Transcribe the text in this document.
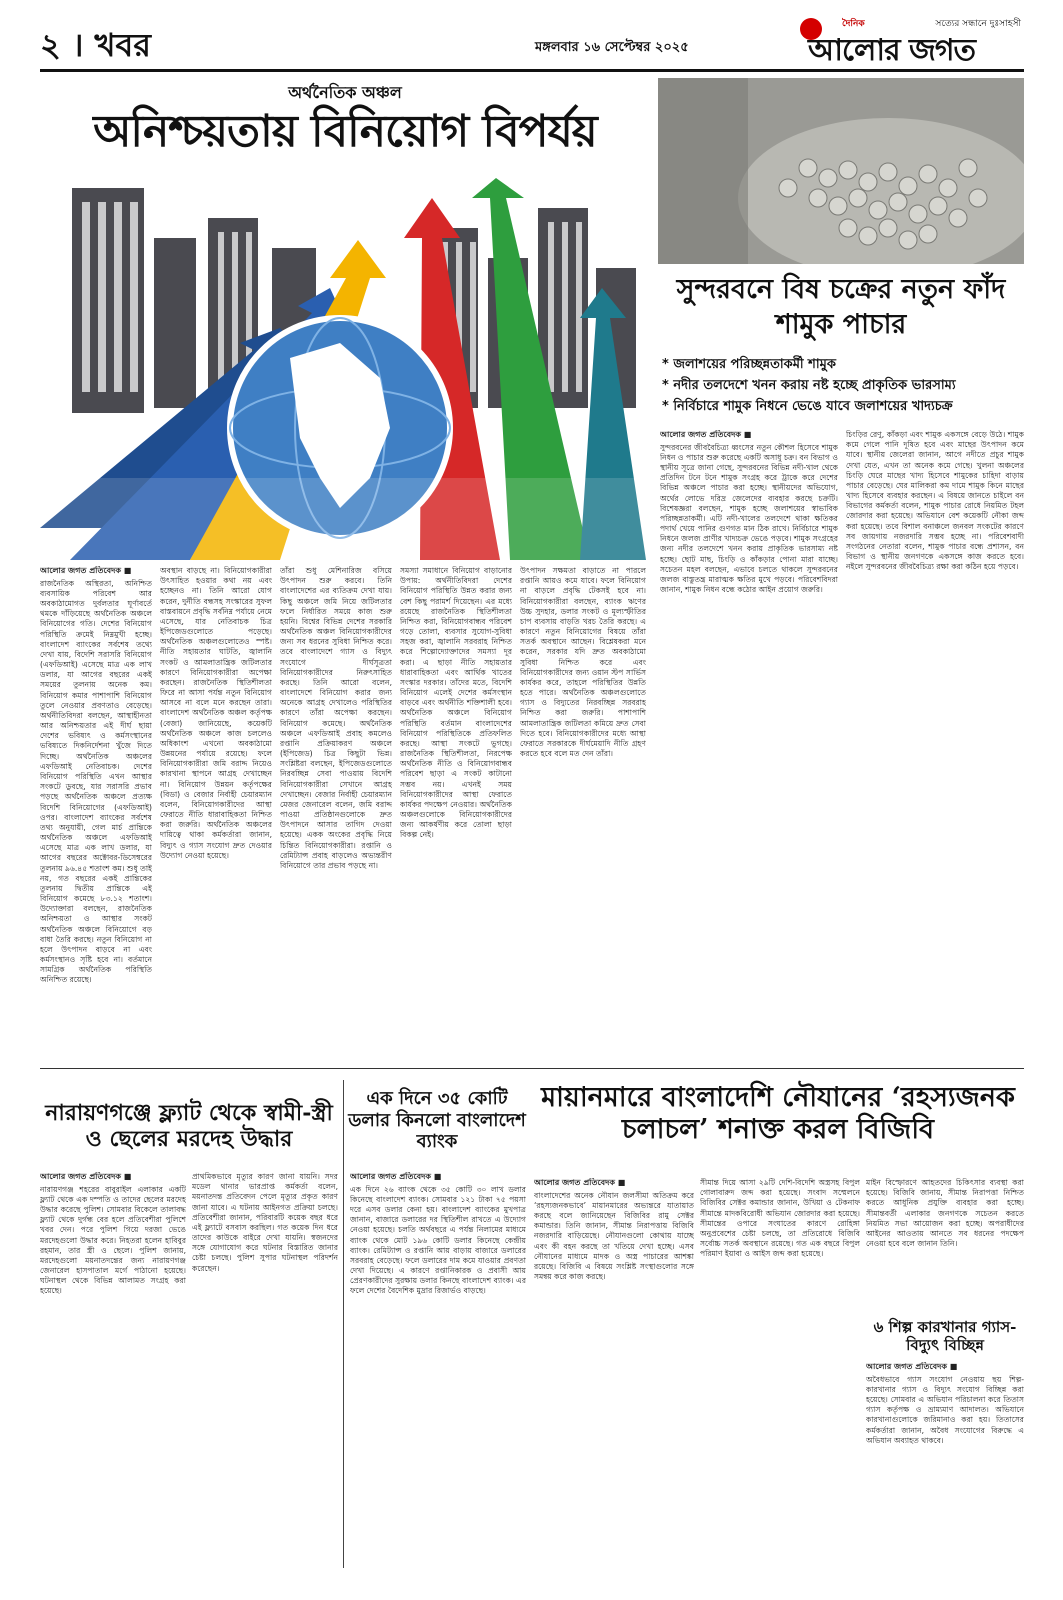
২ । খবর	মঙ্গলবার ১৬ সেপ্টেম্বর ২০২৫
দৈনিক	সত্যের সন্ধানে দুঃসাহসী
আলোর জগত
অর্থনৈতিক অঞ্চল
অনিশ্চয়তায় বিনিয়োগ বিপর্যয়
আলোর জগত প্রতিবেদক ■
রাজনৈতিক অস্থিরতা, অনিশ্চিত ব্যবসায়িক পরিবেশ আর অবকাঠামোগত দুর্বলতার ঘূর্ণাবর্তে থমকে দাঁড়িয়েছে অর্থনৈতিক অঞ্চলে বিনিয়োগের গতি। দেশের বিনিয়োগ পরিস্থিতি ক্রমেই নিম্নমুখী হচ্ছে। বাংলাদেশ ব্যাংকের সর্বশেষ তথ্যে দেখা যায়, বিদেশি সরাসরি বিনিয়োগ (এফডিআই) এসেছে মাত্র এক লাখ ডলার, যা আগের বছরের একই সময়ের তুলনায় অনেক কম। বিনিয়োগ কমার পাশাপাশি বিনিয়োগ তুলে নেওয়ার প্রবণতাও বেড়েছে। অর্থনীতিবিদরা বলছেন, আস্থাহীনতা আর অনিশ্চয়তার এই দীর্ঘ ছায়া দেশের ভবিষ্যৎ ও কর্মসংস্থানের ভবিষ্যতে দিকনির্দেশনা খুঁজে দিতে দিচ্ছে। অর্থনৈতিক অঞ্চলের এফডিআই নেতিবাচক। দেশের বিনিয়োগ পরিস্থিতি এখন আস্থার সংকটে ডুবছে, যার সরাসরি প্রভাব পড়ছে অর্থনৈতিক অঞ্চলে প্রত্যক্ষ বিদেশি বিনিয়োগের (এফডিআই) ওপর। বাংলাদেশ ব্যাংকের সর্বশেষ তথ্য অনুযায়ী, গেল মার্চ প্রান্তিকে অর্থনৈতিক অঞ্চলে এফডিআই এসেছে মাত্র এক লাখ ডলার, যা আগের বছরের অক্টোবর-ডিসেম্বরের তুলনায় ৯৬.৪৫ শতাংশ কম। শুধু তাই নয়, গত বছরের একই প্রান্তিকের তুলনায় দ্বিতীয় প্রান্তিকে এই বিনিয়োগ কমেছে ৮৩.১২ শতাংশ। উদ্যোক্তারা বলছেন, রাজনৈতিক অনিশ্চয়তা ও আস্থার সংকট অর্থনৈতিক অঞ্চলে বিনিয়োগে বড় বাধা তৈরি করছে। নতুন বিনিয়োগ না হলে উৎপাদন বাড়বে না এবং কর্মসংস্থানও সৃষ্টি হবে না। বর্তমানে সামগ্রিক অর্থনৈতিক পরিস্থিতি অনিশ্চিত রয়েছে।
অবস্থান বাড়ছে না। বিনিয়োগকারীরা উৎসাহিত হওয়ার কথা নয় এবং হচ্ছেনও না। তিনি আরো যোগ করেন, দুর্নীতি বন্ধসহ সংস্কারের সুফল বাস্তবায়নে প্রবৃদ্ধি সর্বনিম্ন পর্যায়ে নেমে এসেছে, যার নেতিবাচক চিত্র ইপিজেডগুলোতে পড়েছে। অর্থনৈতিক অঞ্চলগুলোতেও স্পষ্ট। নীতি সহায়তার ঘাটতি, জ্বালানি সংকট ও আমলাতান্ত্রিক জটিলতার কারণে বিনিয়োগকারীরা অপেক্ষা করছেন। রাজনৈতিক স্থিতিশীলতা ফিরে না আসা পর্যন্ত নতুন বিনিয়োগ আসবে না বলে মনে করছেন তারা। বাংলাদেশ অর্থনৈতিক অঞ্চল কর্তৃপক্ষ (বেজা) জানিয়েছে, কয়েকটি অর্থনৈতিক অঞ্চলে কাজ চললেও অধিকাংশ এখনো অবকাঠামো উন্নয়নের পর্যায়ে রয়েছে। ফলে বিনিয়োগকারীরা জমি বরাদ্দ নিয়েও কারখানা স্থাপনে আগ্রহ দেখাচ্ছেন না। বিনিয়োগ উন্নয়ন কর্তৃপক্ষের (বিডা) ও বেজার নির্বাহী চেয়ারম্যান বলেন, বিনিয়োগকারীদের আস্থা ফেরাতে নীতি ধারাবাহিকতা নিশ্চিত করা জরুরি। অর্থনৈতিক অঞ্চলের দায়িত্বে থাকা কর্মকর্তারা জানান, বিদ্যুৎ ও গ্যাস সংযোগ দ্রুত দেওয়ার উদ্যোগ নেওয়া হয়েছে।
তাঁরা শুধু মেশিনারিজ বসিয়ে উৎপাদন শুরু করবে। তিনি বাংলাদেশের এর ব্যতিক্রম দেখা যায়। কিছু অঞ্চলে জমি নিয়ে জটিলতার ফলে নির্ধারিত সময়ে কাজ শুরু হয়নি। বিশ্বের বিভিন্ন দেশের সরকারি অর্থনৈতিক অঞ্চল বিনিয়োগকারীদের জন্য সব ধরনের সুবিধা নিশ্চিত করে। তবে বাংলাদেশে গ্যাস ও বিদ্যুৎ সংযোগে দীর্ঘসূত্রতা বিনিয়োগকারীদের নিরুৎসাহিত করছে। তিনি আরো বলেন, বাংলাদেশে বিনিয়োগ করার জন্য অনেকে আগ্রহ দেখালেও পরিস্থিতির কারণে তাঁরা অপেক্ষা করছেন। বিনিয়োগ কমেছে। অর্থনৈতিক অঞ্চলে এফডিআই প্রবাহ কমলেও রপ্তানি প্রক্রিয়াকরণ অঞ্চলে (ইপিজেড) চিত্র কিছুটা ভিন্ন। সংশ্লিষ্টরা বলছেন, ইপিজেডগুলোতে নিরবচ্ছিন্ন সেবা পাওয়ায় বিদেশি বিনিয়োগকারীরা সেখানে আগ্রহ দেখাচ্ছেন। বেজার নির্বাহী চেয়ারম্যান মেজর জেনারেল বলেন, জমি বরাদ্দ পাওয়া প্রতিষ্ঠানগুলোকে দ্রুত উৎপাদনে আসার তাগিদ দেওয়া হয়েছে। একক অংকের প্রবৃদ্ধি নিয়ে চিন্তিত বিনিয়োগকারীরা। রপ্তানি ও রেমিট্যান্স প্রবাহ বাড়লেও অভ্যন্তরীণ বিনিয়োগে তার প্রভাব পড়ছে না।
সমস্যা সমাধানে বিনিয়োগ বাড়ানোর উপায়: অর্থনীতিবিদরা দেশের বিনিয়োগ পরিস্থিতি উন্নত করার জন্য বেশ কিছু পরামর্শ দিয়েছেন। এর মধ্যে রয়েছে রাজনৈতিক স্থিতিশীলতা নিশ্চিত করা, বিনিয়োগবান্ধব পরিবেশ গড়ে তোলা, ব্যবসার সুযোগ-সুবিধা সহজ করা, জ্বালানি সরবরাহ নিশ্চিত করে শিল্পোদ্যোক্তাদের সমস্যা দূর করা। এ ছাড়া নীতি সহায়তার ধারাবাহিকতা এবং আর্থিক খাতের সংস্কার দরকার। তাঁদের মতে, বিদেশি বিনিয়োগ এলেই দেশের কর্মসংস্থান বাড়বে এবং অর্থনীতি শক্তিশালী হবে। অর্থনৈতিক অঞ্চলে বিনিয়োগ পরিস্থিতি বর্তমান বাংলাদেশের বিনিয়োগ পরিস্থিতিকে প্রতিফলিত করছে। আস্থা সংকটে ভুগছে। রাজনৈতিক স্থিতিশীলতা, নিরপেক্ষ অর্থনৈতিক নীতি ও বিনিয়োগবান্ধব পরিবেশ ছাড়া এ সংকট কাটানো সম্ভব নয়। এখনই সময় বিনিয়োগকারীদের আস্থা ফেরাতে কার্যকর পদক্ষেপ নেওয়ার। অর্থনৈতিক অঞ্চলগুলোকে বিনিয়োগকারীদের জন্য আকর্ষণীয় করে তোলা ছাড়া বিকল্প নেই।
উৎপাদন সক্ষমতা বাড়াতে না পারলে রপ্তানি আয়ও কমে যাবে। ফলে বিনিয়োগ না বাড়লে প্রবৃদ্ধি টেকসই হবে না। বিনিয়োগকারীরা বলছেন, ব্যাংক ঋণের উচ্চ সুদহার, ডলার সংকট ও মূল্যস্ফীতির চাপ ব্যবসায় বাড়তি খরচ তৈরি করছে। এ কারণে নতুন বিনিয়োগের বিষয়ে তাঁরা সতর্ক অবস্থানে আছেন। বিশ্লেষকরা মনে করেন, সরকার যদি দ্রুত অবকাঠামো সুবিধা নিশ্চিত করে এবং বিনিয়োগকারীদের জন্য ওয়ান স্টপ সার্ভিস কার্যকর করে, তাহলে পরিস্থিতির উন্নতি হতে পারে। অর্থনৈতিক অঞ্চলগুলোতে গ্যাস ও বিদ্যুতের নিরবচ্ছিন্ন সরবরাহ নিশ্চিত করা জরুরি। পাশাপাশি আমলাতান্ত্রিক জটিলতা কমিয়ে দ্রুত সেবা দিতে হবে। বিনিয়োগকারীদের মধ্যে আস্থা ফেরাতে সরকারকে দীর্ঘমেয়াদি নীতি গ্রহণ করতে হবে বলে মত দেন তাঁরা।
সুন্দরবনে বিষ চক্রের নতুন ফাঁদ শামুক পাচার
* জলাশয়ের পরিচ্ছন্নতাকর্মী শামুক
* নদীর তলদেশে খনন করায় নষ্ট হচ্ছে প্রাকৃতিক ভারসাম্য
* নির্বিচারে শামুক নিধনে ভেঙে যাবে জলাশয়ের খাদ্যচক্র
আলোর জগত প্রতিবেদক ■
সুন্দরবনের জীববৈচিত্র্য ধ্বংসের নতুন কৌশল হিসেবে শামুক নিধন ও পাচার শুরু করেছে একটি অসাধু চক্র। বন বিভাগ ও স্থানীয় সূত্রে জানা গেছে, সুন্দরবনের বিভিন্ন নদী-খাল থেকে প্রতিদিন টনে টনে শামুক সংগ্রহ করে ট্রাকে করে দেশের বিভিন্ন অঞ্চলে পাচার করা হচ্ছে। স্থানীয়দের অভিযোগ, অর্থের লোভে দরিদ্র জেলেদের ব্যবহার করছে চক্রটি। বিশেষজ্ঞরা বলছেন, শামুক হচ্ছে জলাশয়ের স্বাভাবিক পরিচ্ছন্নতাকর্মী। এটি নদী-খালের তলদেশে থাকা ক্ষতিকর পদার্থ খেয়ে পানির গুণগত মান ঠিক রাখে। নির্বিচারে শামুক নিধনে জলজ প্রাণীর খাদ্যচক্র ভেঙে পড়বে। শামুক সংগ্রহের জন্য নদীর তলদেশে খনন করায় প্রাকৃতিক ভারসাম্য নষ্ট হচ্ছে। ছোট মাছ, চিংড়ি ও কাঁকড়ার পোনা মারা যাচ্ছে। সচেতন মহল বলছেন, এভাবে চলতে থাকলে সুন্দরবনের জলজ বাস্তুতন্ত্র মারাত্মক ক্ষতির মুখে পড়বে। পরিবেশবিদরা জানান, শামুক নিধন বন্ধে কঠোর আইন প্রয়োগ জরুরি।
চিংড়ির রেণু, কাঁকড়া এবং শামুক একসঙ্গে বেড়ে উঠে। শামুক কমে গেলে পানি দূষিত হবে এবং মাছের উৎপাদন কমে যাবে। স্থানীয় জেলেরা জানান, আগে নদীতে প্রচুর শামুক দেখা যেত, এখন তা অনেক কমে গেছে। খুলনা অঞ্চলের চিংড়ি ঘেরে মাছের খাদ্য হিসেবে শামুকের চাহিদা বাড়ায় পাচার বেড়েছে। ঘের মালিকরা কম দামে শামুক কিনে মাছের খাদ্য হিসেবে ব্যবহার করছেন। এ বিষয়ে জানতে চাইলে বন বিভাগের কর্মকর্তা বলেন, শামুক পাচার রোধে নিয়মিত টহল জোরদার করা হয়েছে। অভিযানে বেশ কয়েকটি নৌকা জব্দ করা হয়েছে। তবে বিশাল বনাঞ্চলে জনবল সংকটের কারণে সব জায়গায় নজরদারি সম্ভব হচ্ছে না। পরিবেশবাদী সংগঠনের নেতারা বলেন, শামুক পাচার বন্ধে প্রশাসন, বন বিভাগ ও স্থানীয় জনগণকে একসঙ্গে কাজ করতে হবে। নইলে সুন্দরবনের জীববৈচিত্র্য রক্ষা করা কঠিন হয়ে পড়বে।
নারায়ণগঞ্জে ফ্ল্যাট থেকে স্বামী-স্ত্রী ও ছেলের মরদেহ উদ্ধার
আলোর জগত প্রতিবেদক ■
নারায়ণগঞ্জ শহরের বাবুরাইল এলাকার একটি ফ্ল্যাট থেকে এক দম্পতি ও তাদের ছেলের মরদেহ উদ্ধার করেছে পুলিশ। সোমবার বিকেলে তালাবদ্ধ ফ্ল্যাট থেকে দুর্গন্ধ বের হলে প্রতিবেশীরা পুলিশে খবর দেন। পরে পুলিশ গিয়ে দরজা ভেঙে মরদেহগুলো উদ্ধার করে। নিহতরা হলেন হাবিবুর রহমান, তার স্ত্রী ও ছেলে। পুলিশ জানায়, মরদেহগুলো ময়নাতদন্তের জন্য নারায়ণগঞ্জ জেনারেল হাসপাতাল মর্গে পাঠানো হয়েছে। ঘটনাস্থল থেকে বিভিন্ন আলামত সংগ্রহ করা হয়েছে।
প্রাথমিকভাবে মৃত্যুর কারণ জানা যায়নি। সদর মডেল থানার ভারপ্রাপ্ত কর্মকর্তা বলেন, ময়নাতদন্ত প্রতিবেদন পেলে মৃত্যুর প্রকৃত কারণ জানা যাবে। এ ঘটনায় আইনগত প্রক্রিয়া চলছে। প্রতিবেশীরা জানান, পরিবারটি কয়েক বছর ধরে এই ফ্ল্যাটে বসবাস করছিল। গত কয়েক দিন ধরে তাদের কাউকে বাইরে দেখা যায়নি। স্বজনদের সঙ্গে যোগাযোগ করে ঘটনার বিস্তারিত জানার চেষ্টা চলছে। পুলিশ সুপার ঘটনাস্থল পরিদর্শন করেছেন।
এক দিনে ৩৫ কোটি ডলার কিনলো বাংলাদেশ ব্যাংক
আলোর জগত প্রতিবেদক ■
এক দিনে ২৬ ব্যাংক থেকে ৩৫ কোটি ৩০ লাখ ডলার কিনেছে বাংলাদেশ ব্যাংক। সোমবার ১২১ টাকা ৭৫ পয়সা দরে এসব ডলার কেনা হয়। বাংলাদেশ ব্যাংকের মুখপাত্র জানান, বাজারে ডলারের দর স্থিতিশীল রাখতে এ উদ্যোগ নেওয়া হয়েছে। চলতি অর্থবছরে এ পর্যন্ত নিলামের মাধ্যমে ব্যাংক থেকে মোট ১৯৬ কোটি ডলার কিনেছে কেন্দ্রীয় ব্যাংক। রেমিট্যান্স ও রপ্তানি আয় বাড়ায় বাজারে ডলারের সরবরাহ বেড়েছে। ফলে ডলারের দাম কমে যাওয়ার প্রবণতা দেখা দিয়েছে। এ কারণে রপ্তানিকারক ও প্রবাসী আয় প্রেরণকারীদের সুরক্ষায় ডলার কিনছে বাংলাদেশ ব্যাংক। এর ফলে দেশের বৈদেশিক মুদ্রার রিজার্ভও বাড়ছে।
মায়ানমারে বাংলাদেশি নৌযানের ‘রহস্যজনক চলাচল’ শনাক্ত করল বিজিবি
আলোর জগত প্রতিবেদক ■
বাংলাদেশের অনেক নৌযান জলসীমা অতিক্রম করে ‘রহস্যজনকভাবে’ মায়ানমারের অভ্যন্তরে যাতায়াত করছে বলে জানিয়েছেন বিজিবির রামু সেক্টর কমান্ডার। তিনি জানান, সীমান্ত নিরাপত্তায় বিজিবি নজরদারি বাড়িয়েছে। নৌযানগুলো কোথায় যাচ্ছে এবং কী বহন করছে তা খতিয়ে দেখা হচ্ছে। এসব নৌযানের মাধ্যমে মাদক ও অস্ত্র পাচারের আশঙ্কা রয়েছে। বিজিবি এ বিষয়ে সংশ্লিষ্ট সংস্থাগুলোর সঙ্গে সমন্বয় করে কাজ করছে।
সীমান্ত দিয়ে আসা ২৯টি দেশি-বিদেশি অস্ত্রসহ বিপুল গোলাবারুদ জব্দ করা হয়েছে। সংবাদ সম্মেলনে বিজিবির সেক্টর কমান্ডার জানান, উখিয়া ও টেকনাফ সীমান্তে মাদকবিরোধী অভিযান জোরদার করা হয়েছে। সীমান্তের ওপারে সংঘাতের কারণে রোহিঙ্গা অনুপ্রবেশের চেষ্টা চলছে, তা প্রতিরোধে বিজিবি সর্বোচ্চ সতর্ক অবস্থানে রয়েছে। গত এক বছরে বিপুল পরিমাণ ইয়াবা ও আইস জব্দ করা হয়েছে।
মাইন বিস্ফোরণে আহতদের চিকিৎসার ব্যবস্থা করা হয়েছে। বিজিবি জানায়, সীমান্ত নিরাপত্তা নিশ্চিত করতে আধুনিক প্রযুক্তি ব্যবহার করা হচ্ছে। সীমান্তবর্তী এলাকার জনগণকে সচেতন করতে নিয়মিত সভা আয়োজন করা হচ্ছে। অপরাধীদের আইনের আওতায় আনতে সব ধরনের পদক্ষেপ নেওয়া হবে বলে জানান তিনি।
৬ শিল্প কারখানার গ্যাস-বিদ্যুৎ বিচ্ছিন্ন
আলোর জগত প্রতিবেদক ■
অবৈধভাবে গ্যাস সংযোগ নেওয়ায় ছয় শিল্প-কারখানার গ্যাস ও বিদ্যুৎ সংযোগ বিচ্ছিন্ন করা হয়েছে। সোমবার এ অভিযান পরিচালনা করে তিতাস গ্যাস কর্তৃপক্ষ ও ভ্রাম্যমাণ আদালত। অভিযানে কারখানাগুলোকে জরিমানাও করা হয়। তিতাসের কর্মকর্তারা জানান, অবৈধ সংযোগের বিরুদ্ধে এ অভিযান অব্যাহত থাকবে।
